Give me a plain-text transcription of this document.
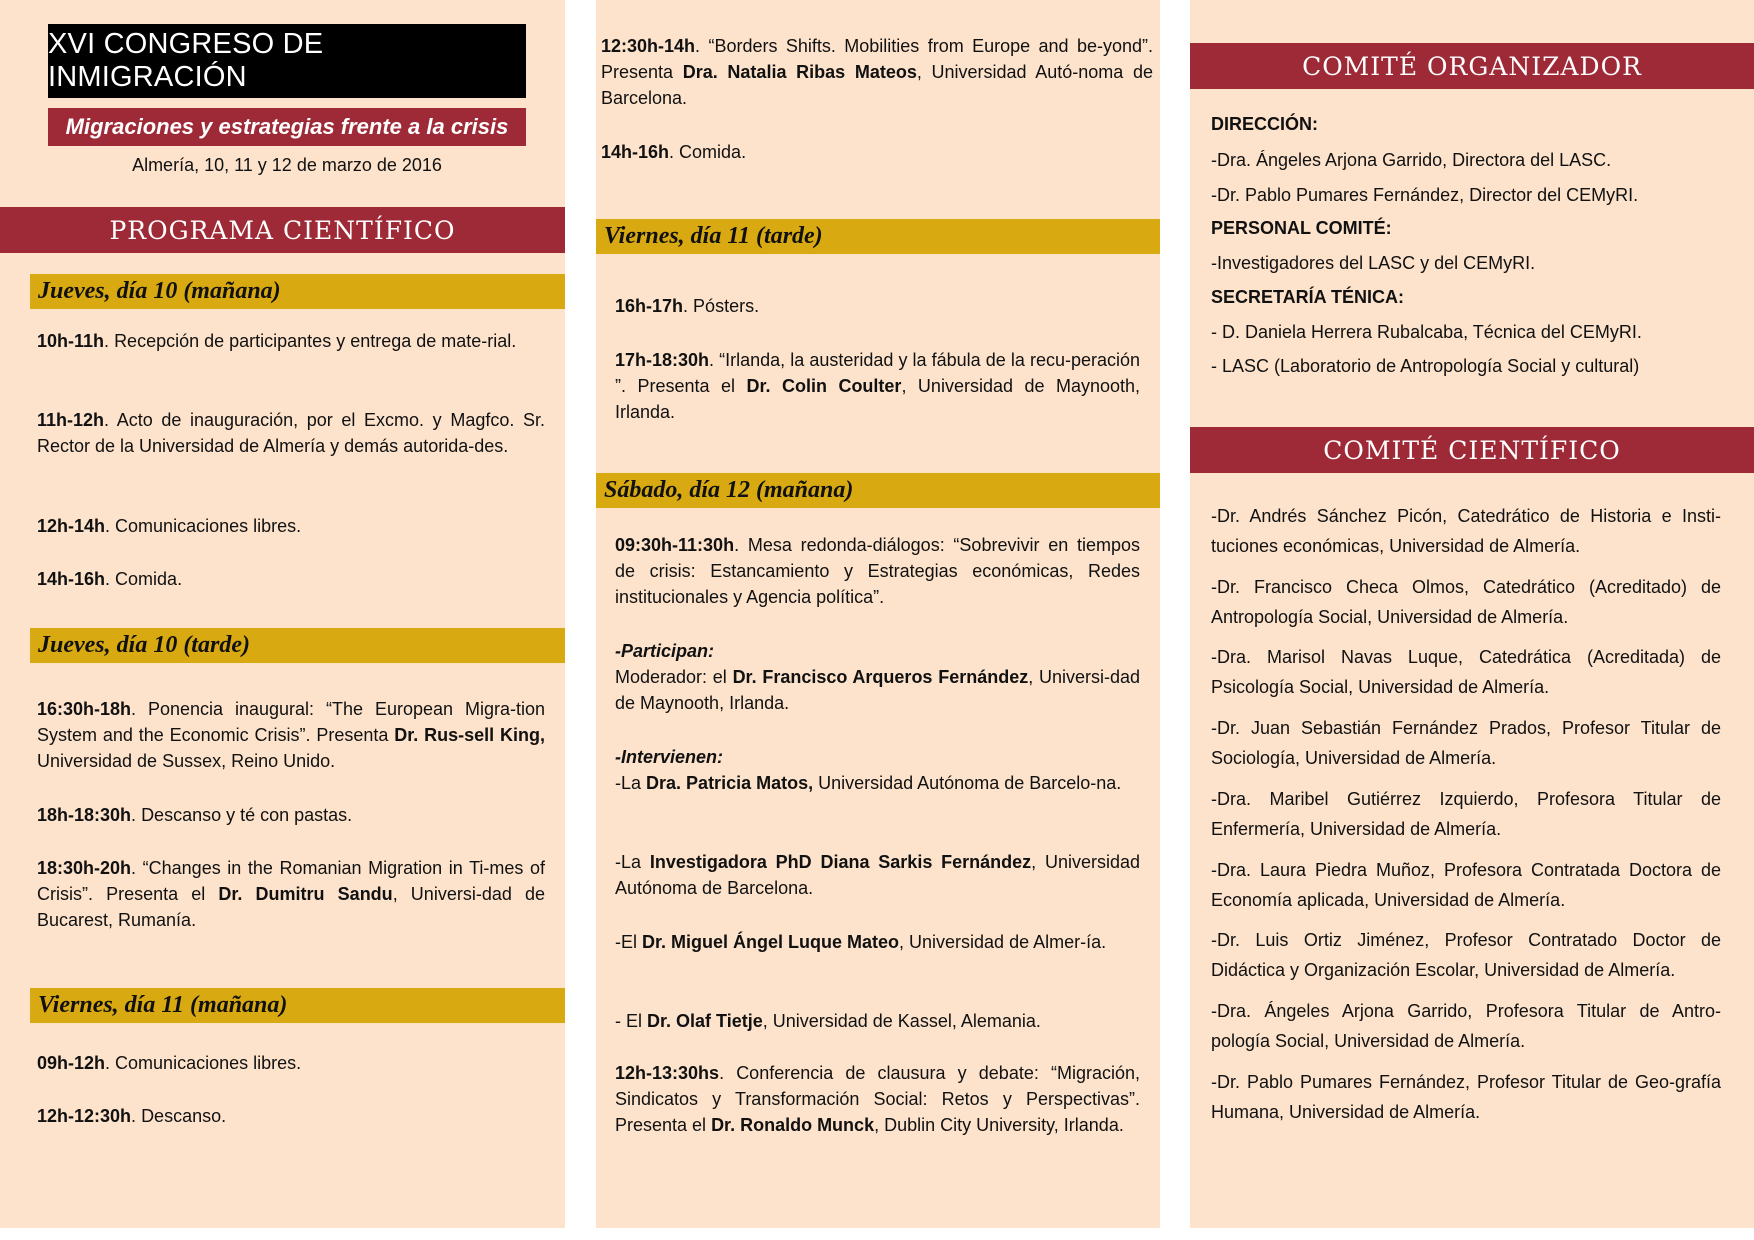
XVI CONGRESO DE INMIGRACIÓN
Migraciones y estrategias frente a la crisis
Almería, 10, 11 y 12 de marzo de 2016
PROGRAMA CIENTÍFICO
Jueves, día 10 (mañana)
10h-11h. Recepción de participantes y entrega de mate-rial.
11h-12h. Acto de inauguración, por el Excmo. y Magfco. Sr. Rector de la Universidad de Almería y demás autorida-des.
12h-14h. Comunicaciones libres.
14h-16h. Comida.
Jueves, día 10 (tarde)
16:30h-18h. Ponencia inaugural: “The European Migra-tion System and the Economic Crisis”. Presenta Dr. Rus-sell King, Universidad de Sussex, Reino Unido.
18h-18:30h. Descanso y té con pastas.
18:30h-20h. “Changes in the Romanian Migration in Ti-mes of Crisis”. Presenta el Dr. Dumitru Sandu, Universi-dad de Bucarest, Rumanía.
Viernes, día 11 (mañana)
09h-12h. Comunicaciones libres.
12h-12:30h. Descanso.
12:30h-14h. “Borders Shifts. Mobilities from Europe and be-yond”. Presenta Dra. Natalia Ribas Mateos, Universidad Autó-noma de Barcelona.
14h-16h. Comida.
Viernes, día 11 (tarde)
16h-17h. Pósters.
17h-18:30h. “Irlanda, la austeridad y la fábula de la recu-peración ”. Presenta el Dr. Colin Coulter, Universidad de Maynooth, Irlanda.
Sábado, día 12 (mañana)
09:30h-11:30h. Mesa redonda-diálogos: “Sobrevivir en tiempos de crisis: Estancamiento y Estrategias económicas, Redes institucionales y Agencia política”.
-Participan:
Moderador: el Dr. Francisco Arqueros Fernández, Universi-dad de Maynooth, Irlanda.
-Intervienen:
-La Dra. Patricia Matos, Universidad Autónoma de Barcelo-na.
-La Investigadora PhD Diana Sarkis Fernández, Universidad Autónoma de Barcelona.
-El Dr. Miguel Ángel Luque Mateo, Universidad de Almer-ía.
- El Dr. Olaf Tietje, Universidad de Kassel, Alemania.
12h-13:30hs. Conferencia de clausura y debate: “Migración, Sindicatos y Transformación Social: Retos y Perspectivas”. Presenta el Dr. Ronaldo Munck, Dublin City University, Irlanda.
COMITÉ ORGANIZADOR
DIRECCIÓN:
-Dra. Ángeles Arjona Garrido, Directora del LASC.
-Dr. Pablo Pumares Fernández, Director del CEMyRI.
PERSONAL COMITÉ:
-Investigadores del LASC y del CEMyRI.
SECRETARÍA TÉNICA:
- D. Daniela Herrera Rubalcaba, Técnica del CEMyRI.
- LASC (Laboratorio de Antropología Social y cultural)
COMITÉ CIENTÍFICO
-Dr. Andrés Sánchez Picón, Catedrático de Historia e Insti-tuciones económicas, Universidad de Almería.
-Dr. Francisco Checa Olmos, Catedrático (Acreditado) de Antropología Social, Universidad de Almería.
-Dra. Marisol Navas Luque, Catedrática (Acreditada) de Psicología Social, Universidad de Almería.
-Dr. Juan Sebastián Fernández Prados, Profesor Titular de Sociología, Universidad de Almería.
-Dra. Maribel Gutiérrez Izquierdo, Profesora Titular de Enfermería, Universidad de Almería.
-Dra. Laura Piedra Muñoz, Profesora Contratada Doctora de Economía aplicada, Universidad de Almería.
-Dr. Luis Ortiz Jiménez, Profesor Contratado Doctor de Didáctica y Organización Escolar, Universidad de Almería.
-Dra. Ángeles Arjona Garrido, Profesora Titular de Antro-pología Social, Universidad de Almería.
-Dr. Pablo Pumares Fernández, Profesor Titular de Geo-grafía Humana, Universidad de Almería.
